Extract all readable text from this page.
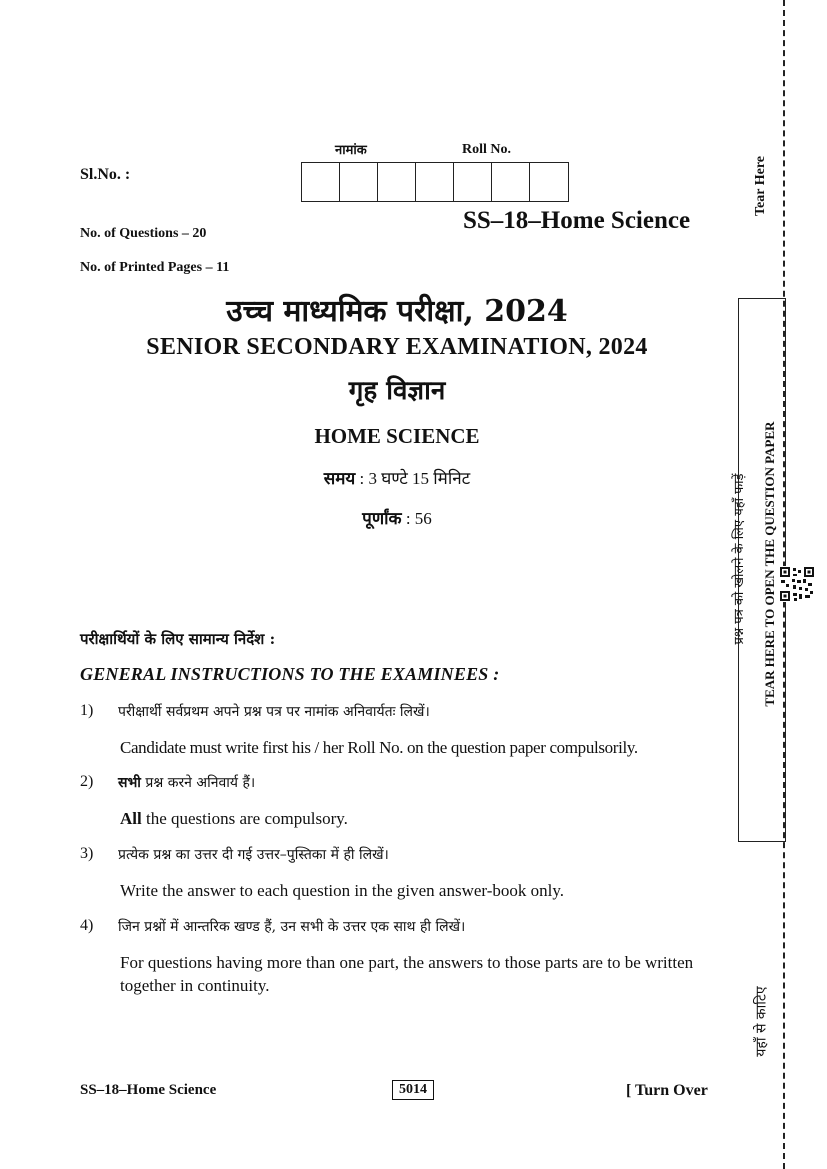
Sl.No. :
नामांक	Roll No.
SS–18–Home Science
No. of Questions – 20
No. of Printed Pages – 11
उच्च माध्यमिक परीक्षा, 2024
SENIOR SECONDARY EXAMINATION, 2024
गृह विज्ञान
HOME SCIENCE
समय : 3 घण्टे 15 मिनिट
पूर्णांक : 56
परीक्षार्थियों के लिए सामान्य निर्देश :
GENERAL INSTRUCTIONS TO THE EXAMINEES :
1) परीक्षार्थी सर्वप्रथम अपने प्रश्न पत्र पर नामांक अनिवार्यतः लिखें।
Candidate must write first his / her Roll No. on the question paper compulsorily.
2) सभी प्रश्न करने अनिवार्य हैं।
All the questions are compulsory.
3) प्रत्येक प्रश्न का उत्तर दी गई उत्तर–पुस्तिका में ही लिखें।
Write the answer to each question in the given answer-book only.
4) जिन प्रश्नों में आन्तरिक खण्ड हैं, उन सभी के उत्तर एक साथ ही लिखें।
For questions having more than one part, the answers to those parts are to be written together in continuity.
SS–18–Home Science	5014	[ Turn Over
Tear Here
प्रश्न पत्र को खोलने के लिए यहाँ फाड़ें TEAR HERE TO OPEN THE QUESTION PAPER
यहाँ से काटिए
